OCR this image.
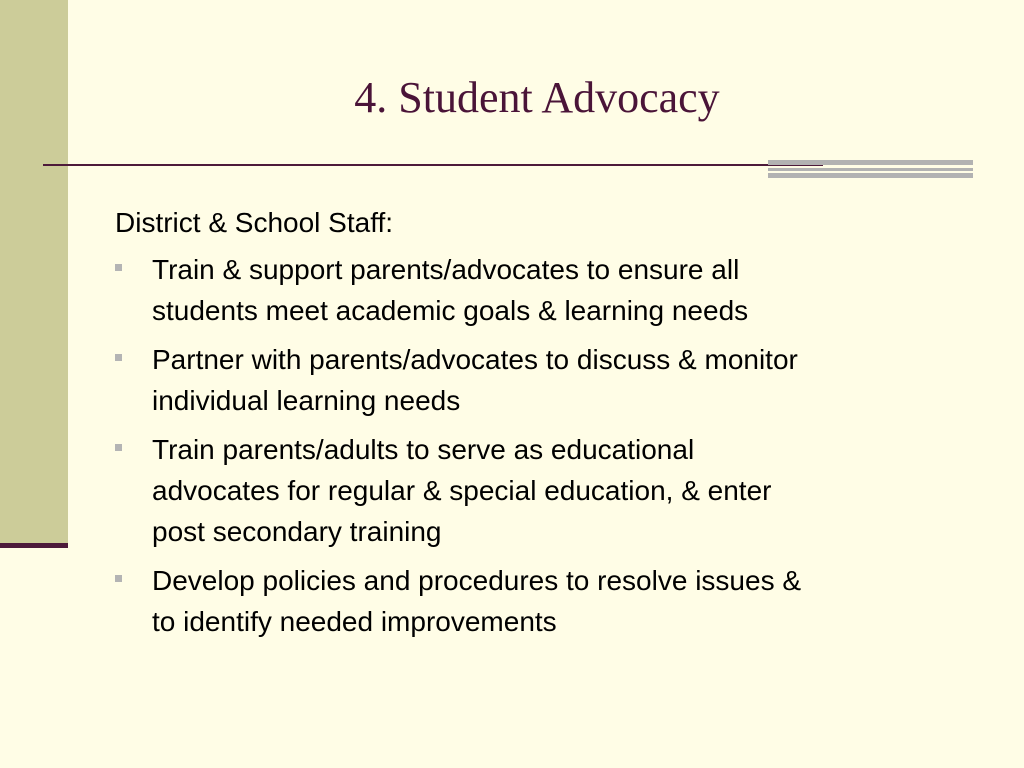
4. Student Advocacy

District & School Staff:

Train & support parents/advocates to ensure all
students meet academic goals & learning needs
Partner with parents/advocates to discuss & monitor
individual learning needs
Train parents/adults to serve as educational
advocates for regular & special education, & enter
post secondary training
Develop policies and procedures to resolve issues &
to identify needed improvements
